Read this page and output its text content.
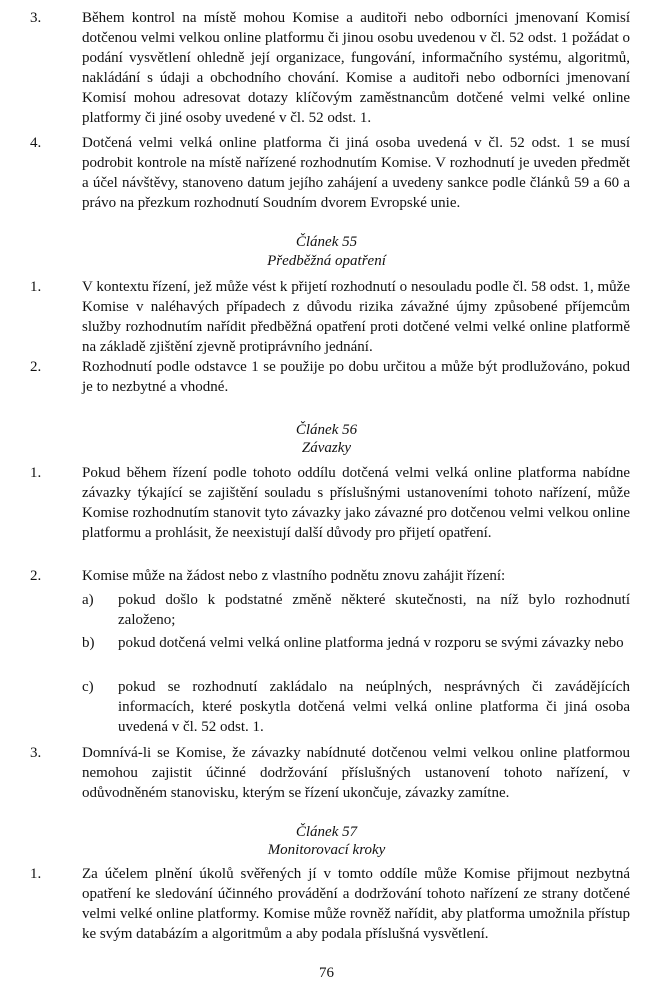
3.	Během kontrol na místě mohou Komise a auditoři nebo odborníci jmenovaní Komisí dotčenou velmi velkou online platformu či jinou osobu uvedenou v čl. 52 odst. 1 požádat o podání vysvětlení ohledně její organizace, fungování, informačního systému, algoritmů, nakládání s údaji a obchodního chování. Komise a auditoři nebo odborníci jmenovaní Komisí mohou adresovat dotazy klíčovým zaměstnancům dotčené velmi velké online platformy či jiné osoby uvedené v čl. 52 odst. 1.
4.	Dotčená velmi velká online platforma či jiná osoba uvedená v čl. 52 odst. 1 se musí podrobit kontrole na místě nařízené rozhodnutím Komise. V rozhodnutí je uveden předmět a účel návštěvy, stanoveno datum jejího zahájení a uvedeny sankce podle článků 59 a 60 a právo na přezkum rozhodnutí Soudním dvorem Evropské unie.
Článek 55
Předběžná opatření
1.	V kontextu řízení, jež může vést k přijetí rozhodnutí o nesouladu podle čl. 58 odst. 1, může Komise v naléhavých případech z důvodu rizika závažné újmy způsobené příjemcům služby rozhodnutím nařídit předběžná opatření proti dotčené velmi velké online platformě na základě zjištění zjevně protiprávního jednání.
2.	Rozhodnutí podle odstavce 1 se použije po dobu určitou a může být prodlužováno, pokud je to nezbytné a vhodné.
Článek 56
Závazky
1.	Pokud během řízení podle tohoto oddílu dotčená velmi velká online platforma nabídne závazky týkající se zajištění souladu s příslušnými ustanoveními tohoto nařízení, může Komise rozhodnutím stanovit tyto závazky jako závazné pro dotčenou velmi velkou online platformu a prohlásit, že neexistují další důvody pro přijetí opatření.
2.	Komise může na žádost nebo z vlastního podnětu znovu zahájit řízení:
a)	pokud došlo k podstatné změně některé skutečnosti, na níž bylo rozhodnutí založeno;
b)	pokud dotčená velmi velká online platforma jedná v rozporu se svými závazky nebo
c)	pokud se rozhodnutí zakládalo na neúplných, nesprávných či zavádějících informacích, které poskytla dotčená velmi velká online platforma či jiná osoba uvedená v čl. 52 odst. 1.
3.	Domnívá-li se Komise, že závazky nabídnuté dotčenou velmi velkou online platformou nemohou zajistit účinné dodržování příslušných ustanovení tohoto nařízení, v odůvodněném stanovisku, kterým se řízení ukončuje, závazky zamítne.
Článek 57
Monitorovací kroky
1.	Za účelem plnění úkolů svěřených jí v tomto oddíle může Komise přijmout nezbytná opatření ke sledování účinného provádění a dodržování tohoto nařízení ze strany dotčené velmi velké online platformy. Komise může rovněž nařídit, aby platforma umožnila přístup ke svým databázím a algoritmům a aby podala příslušná vysvětlení.
76
